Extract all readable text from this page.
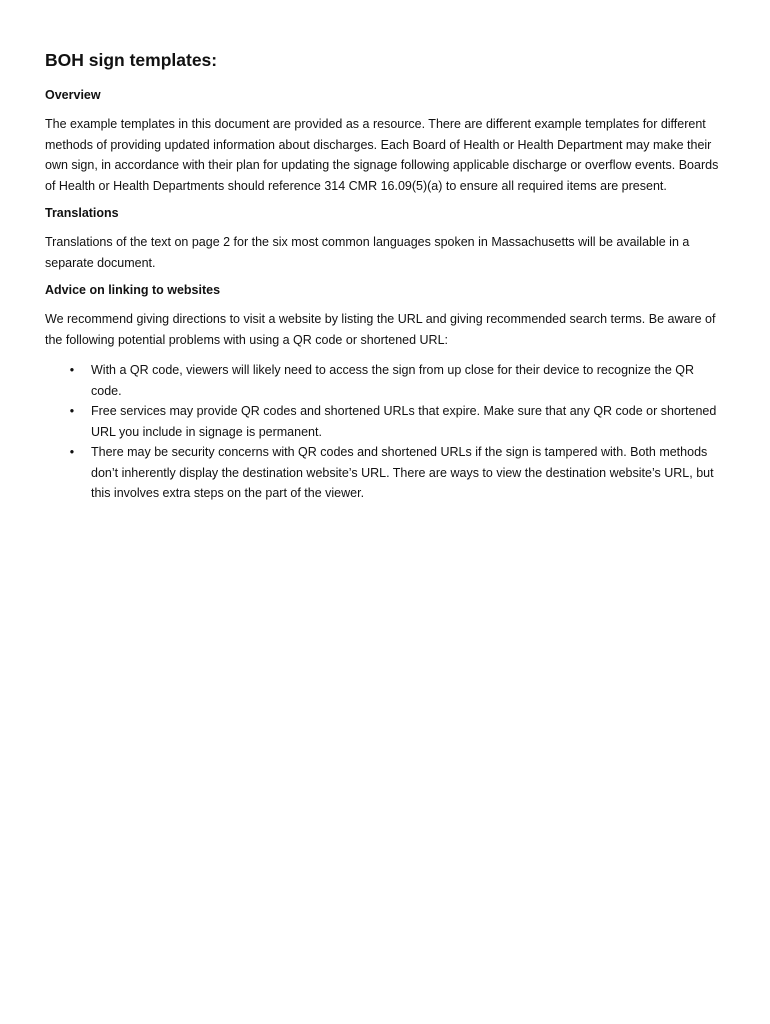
BOH sign templates:
Overview

The example templates in this document are provided as a resource. There are different example templates for different methods of providing updated information about discharges. Each Board of Health or Health Department may make their own sign, in accordance with their plan for updating the signage following applicable discharge or overflow events. Boards of Health or Health Departments should reference 314 CMR 16.09(5)(a) to ensure all required items are present.

Translations

Translations of the text on page 2 for the six most common languages spoken in Massachusetts will be available in a separate document.

Advice on linking to websites

We recommend giving directions to visit a website by listing the URL and giving recommended search terms. Be aware of the following potential problems with using a QR code or shortened URL:

• With a QR code, viewers will likely need to access the sign from up close for their device to recognize the QR code.
• Free services may provide QR codes and shortened URLs that expire. Make sure that any QR code or shortened URL you include in signage is permanent.
• There may be security concerns with QR codes and shortened URLs if the sign is tampered with. Both methods don’t inherently display the destination website’s URL. There are ways to view the destination website’s URL, but this involves extra steps on the part of the viewer.
